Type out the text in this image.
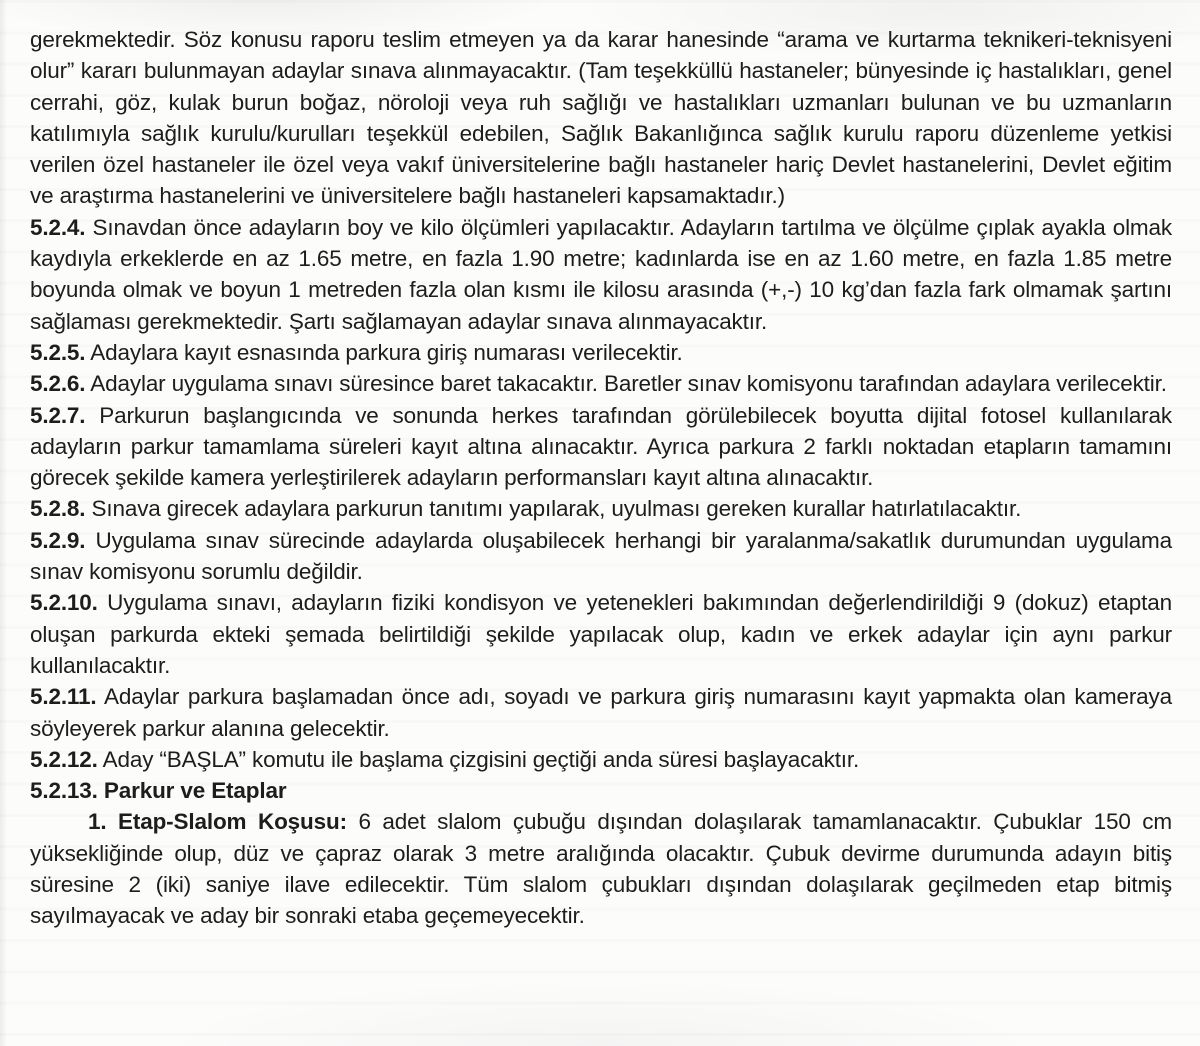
gerekmektedir. Söz konusu raporu teslim etmeyen ya da karar hanesinde “arama ve kurtarma teknikeri-teknisyeni olur” kararı bulunmayan adaylar sınava alınmayacaktır. (Tam teşekküllü hastaneler; bünyesinde iç hastalıkları, genel cerrahi, göz, kulak burun boğaz, nöroloji veya ruh sağlığı ve hastalıkları uzmanları bulunan ve bu uzmanların katılımıyla sağlık kurulu/kurulları teşekkül edebilen, Sağlık Bakanlığınca sağlık kurulu raporu düzenleme yetkisi verilen özel hastaneler ile özel veya vakıf üniversitelerine bağlı hastaneler hariç Devlet hastanelerini, Devlet eğitim ve araştırma hastanelerini ve üniversitelere bağlı hastaneleri kapsamaktadır.)

5.2.4. Sınavdan önce adayların boy ve kilo ölçümleri yapılacaktır. Adayların tartılma ve ölçülme çıplak ayakla olmak kaydıyla erkeklerde en az 1.65 metre, en fazla 1.90 metre; kadınlarda ise en az 1.60 metre, en fazla 1.85 metre boyunda olmak ve boyun 1 metreden fazla olan kısmı ile kilosu arasında (+,-) 10 kg’dan fazla fark olmamak şartını sağlaması gerekmektedir. Şartı sağlamayan adaylar sınava alınmayacaktır.

5.2.5. Adaylara kayıt esnasında parkura giriş numarası verilecektir.

5.2.6. Adaylar uygulama sınavı süresince baret takacaktır. Baretler sınav komisyonu tarafından adaylara verilecektir.

5.2.7. Parkurun başlangıcında ve sonunda herkes tarafından görülebilecek boyutta dijital fotosel kullanılarak adayların parkur tamamlama süreleri kayıt altına alınacaktır. Ayrıca parkura 2 farklı noktadan etapların tamamını görecek şekilde kamera yerleştirilerek adayların performansları kayıt altına alınacaktır.

5.2.8. Sınava girecek adaylara parkurun tanıtımı yapılarak, uyulması gereken kurallar hatırlatılacaktır.

5.2.9. Uygulama sınav sürecinde adaylarda oluşabilecek herhangi bir yaralanma/sakatlık durumundan uygulama sınav komisyonu sorumlu değildir.

5.2.10. Uygulama sınavı, adayların fiziki kondisyon ve yetenekleri bakımından değerlendirildiği 9 (dokuz) etaptan oluşan parkurda ekteki şemada belirtildiği şekilde yapılacak olup, kadın ve erkek adaylar için aynı parkur kullanılacaktır.

5.2.11. Adaylar parkura başlamadan önce adı, soyadı ve parkura giriş numarasını kayıt yapmakta olan kameraya söyleyerek parkur alanına gelecektir.

5.2.12. Aday “BAŞLA” komutu ile başlama çizgisini geçtiği anda süresi başlayacaktır.

5.2.13. Parkur ve Etaplar

1. Etap-Slalom Koşusu: 6 adet slalom çubuğu dışından dolaşılarak tamamlanacaktır. Çubuklar 150 cm yüksekliğinde olup, düz ve çapraz olarak 3 metre aralığında olacaktır. Çubuk devirme durumunda adayın bitiş süresine 2 (iki) saniye ilave edilecektir. Tüm slalom çubukları dışından dolaşılarak geçilmeden etap bitmiş sayılmayacak ve aday bir sonraki etaba geçemeyecektir.
